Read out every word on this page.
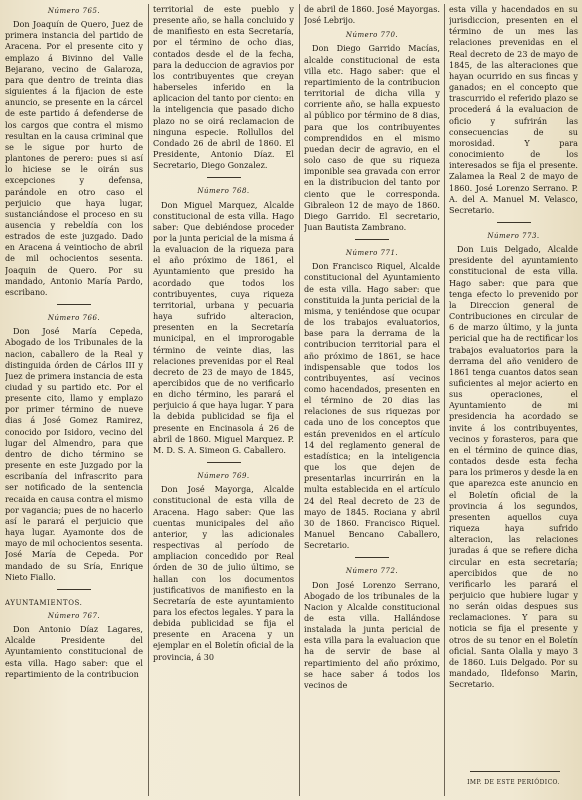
Número 765.

Don Joaquín de Quero, Juez de primera instancia del partido de Aracena. Por el presente cito y emplazo á Bivinno del Valle Bejarano, vecino de Galaroza, para que dentro de treinta dias siguientes á la fijacion de este anuncio, se presente en la cárcel de este partido á defenderse de los cargos que contra el mismo resultan en la causa criminal que se le sigue por hurto de plantones de perero: pues si así lo hiciese se le oirán sus excepciones y defensa, parándole en otro caso el perjuicio que haya lugar, sustanciándose el proceso en su ausencia y rebeldía con los estrados de este juzgado. Dado en Aracena á veintiocho de abril de mil ochocientos sesenta. Joaquin de Quero. Por su mandado, Antonio María Pardo, escribano.

Número 766.

Don José María Cepeda, Abogado de los Tribunales de la nacion, caballero de la Real y distinguida órden de Cárlos III y Juez de primera instancia de esta ciudad y su partido etc. Por el presente cito, llamo y emplazo por primer término de nueve dias á José Gomez Ramirez, conocido por Isidoro, vecino del lugar del Almendro, para que dentro de dicho término se presente en este Juzgado por la escribanía del infrascrito para ser notificado de la sentencia recaida en causa contra el mismo por vagancia; pues de no hacerlo así le parará el perjuicio que haya lugar. Ayamonte dos de mayo de mil ochocientos sesenta. José María de Cepeda. Por mandado de su Sría, Enrique Nieto Fiallo.

AYUNTAMIENTOS.
Número 767.

Don Antonio Díaz Lagares, Alcalde Presidente del Ayuntamiento constitucional de esta villa. Hago saber: que el repartimiento de la contribucion

territorial de este pueblo y presente año, se halla concluido y de manifiesto en esta Secretaría, por el término de ocho dias, contados desde el de la fecha, para la deduccion de agravios por los contribuyentes que creyan haberseles inferido en la aplicacion del tanto por ciento: en la inteligencia que pasado dicho plazo no se oirá reclamacion de ninguna especie. Rollullos del Condado 26 de abril de 1860. El Presidente, Antonio Díaz. El Secretario, Diego Gonzalez.

Número 768.

Don Miguel Marquez, Alcalde constitucional de esta villa. Hago saber: Que debiéndose proceder por la junta pericial de la misma á la evaluacion de la riqueza para el año próximo de 1861, el Ayuntamiento que presido ha acordado que todos los contribuyentes, cuya riqueza territorial, urbana y pecuaria haya sufrido alteracion, presenten en la Secretaría municipal, en el improrogable término de veinte dias, las relaciones prevenidas por el Real decreto de 23 de mayo de 1845, apercibidos que de no verificarlo en dicho término, les parará el perjuicio á que haya lugar. Y para la debida publicidad se fija el presente en Encinasola á 26 de abril de 1860. Miguel Marquez. P. M. D. S. A. Simeon G. Caballero.

Número 769.

Don José Mayorga, Alcalde constitucional de esta villa de Aracena. Hago saber: Que las cuentas municipales del año anterior, y las adicionales respectivas al período de ampliacion concedido por Real órden de 30 de julio último, se hallan con los documentos justificativos de manifiesto en la Secretaría de este ayuntamiento para los efectos legales. Y para la debida publicidad se fija el presente en Aracena y un ejemplar en el Boletín oficial de la provincia, á 30

de abril de 1860. José Mayorgas. José Lebrijo.

Número 770.

Don Diego Garrido Macías, alcalde constitucional de esta villa etc. Hago saber: que el repartimiento de la contribucion territorial de dicha villa y corriente año, se halla expuesto al público por término de 8 dias, para que los contribuyentes comprendidos en el mismo puedan decir de agravio, en el solo caso de que su riqueza imponible sea gravada con error en la distribucion del tanto por ciento que le corresponda. Gibraleon 12 de mayo de 1860. Diego Garrido. El secretario, Juan Bautista Zambrano.

Número 771.

Don Francisco Riquel, Alcalde constitucional del Ayuntamiento de esta villa. Hago saber: que constituida la junta pericial de la misma, y teniéndose que ocupar de los trabajos evaluatorios, base para la derrama de la contribucion territorial para el año próximo de 1861, se hace indispensable que todos los contribuyentes, así vecinos como hacendados, presenten en el término de 20 dias las relaciones de sus riquezas por cada uno de los conceptos que están prevenidos en el artículo 14 del reglamento general de estadística; en la inteligencia que los que dejen de presentarlas incurrirán en la multa establecida en el artículo 24 del Real decreto de 23 de mayo de 1845. Rociana y abril 30 de 1860. Francisco Riquel. Manuel Bencano Caballero, Secretario.

Número 772.

Don José Lorenzo Serrano, Abogado de los tribunales de la Nacion y Alcalde constitucional de esta villa. Hallándose instalada la junta pericial de esta villa para la evaluacion que ha de servir de base al repartimiento del año próximo, se hace saber á todos los vecinos de

esta villa y hacendados en su jurisdiccion, presenten en el término de un mes las relaciones prevenidas en el Real decreto de 23 de mayo de 1845, de las alteraciones que hayan ocurrido en sus fincas y ganados; en el concepto que trascurrido el referido plazo se procederá á la evaluacion de oficio y sufrirán las consecuencias de su morosidad. Y para conocimiento de los interesados se fija el presente. Zalamea la Real 2 de mayo de 1860. José Lorenzo Serrano. P. A. del A. Manuel M. Velasco, Secretario.

Número 773.

Don Luis Delgado, Alcalde presidente del ayuntamiento constitucional de esta villa. Hago saber: que para que tenga efecto lo prevenido por la Direccion general de Contribuciones en circular de 6 de marzo último, y la junta pericial que ha de rectificar los trabajos evaluatorios para la derrama del año venidero de 1861 tenga cuantos datos sean suficientes al mejor acierto en sus operaciones, el Ayuntamiento de mi presidencia ha acordado se invite á los contribuyentes, vecinos y forasteros, para que en el término de quince dias, contados desde esta fecha para los primeros y desde la en que aparezca este anuncio en el Boletín oficial de la provincia á los segundos, presenten aquellos cuya riqueza haya sufrido alteracion, las relaciones juradas á que se refiere dicha circular en esta secretaría; apercibidos que de no verificarlo les parará el perjuicio que hubiere lugar y no serán oidas despues sus reclamaciones. Y para su noticia se fija el presente y otros de su tenor en el Boletín oficial. Santa Olalla y mayo 3 de 1860. Luis Delgado. Por su mandado, Ildefonso Marin, Secretario.

IMP. DE ESTE PERIÓDICO.
